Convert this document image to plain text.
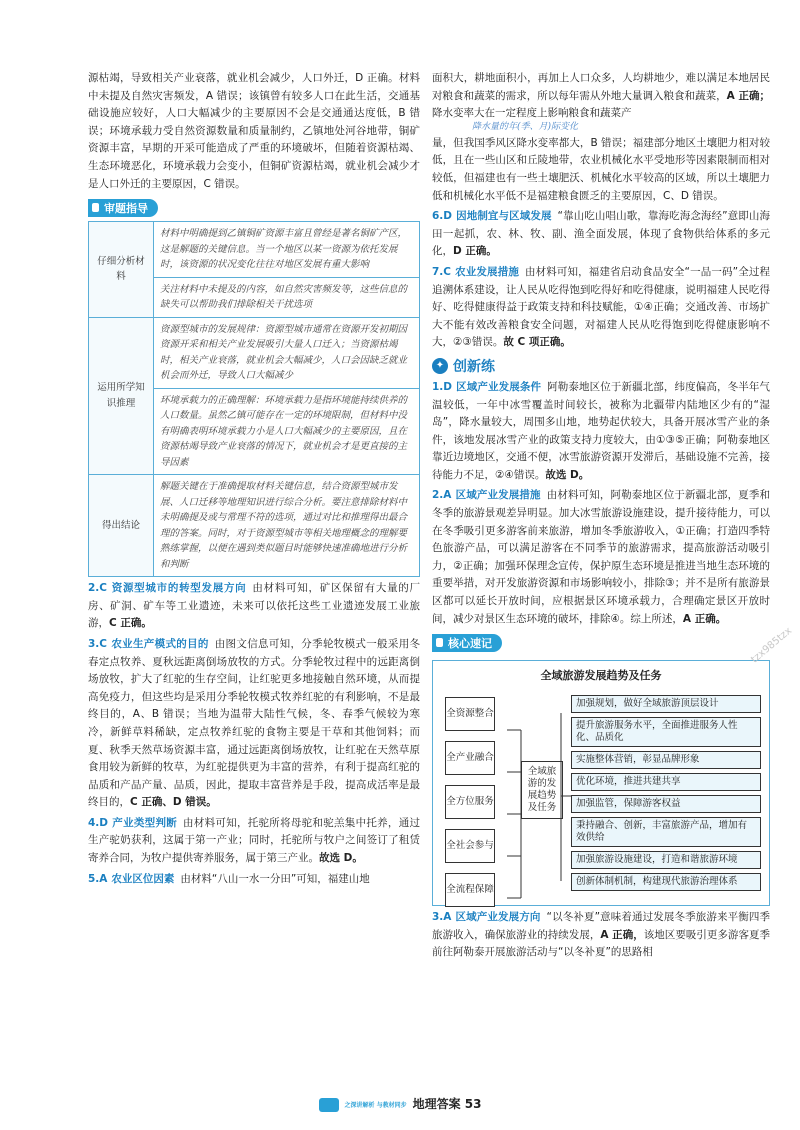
源枯竭，导致相关产业衰落，就业机会减少，人口外迁，D 正确。材料中未提及自然灾害频发，A 错误；该镇曾有较多人口在此生活，交通基础设施应较好，人口大幅减少的主要原因不会是交通通达度低，B 错误；环境承载力受自然资源数量和质量制约，乙镇地处河谷地带，铜矿资源丰富，早期的开采可能造成了严重的环境破坏，但随着资源枯竭、生态环境恶化，环境承载力会变小，但铜矿资源枯竭，就业机会减少才是人口外迁的主要原因，C 错误。

审题指导
仔细分析材料	材料中明确提到乙镇铜矿资源丰富且曾经是著名铜矿产区，这是解题的关键信息。当一个地区以某一资源为依托发展时，该资源的状况变化往往对地区发展有重大影响
	关注材料中未提及的内容，如自然灾害频发等，这些信息的缺失可以帮助我们排除相关干扰选项
运用所学知识推理	资源型城市的发展规律：资源型城市通常在资源开发初期因资源开采和相关产业发展吸引大量人口迁入；当资源枯竭时，相关产业衰落，就业机会大幅减少，人口会因缺乏就业机会而外迁，导致人口大幅减少
	环境承载力的正确理解：环境承载力是指环境能持续供养的人口数量。虽然乙镇可能存在一定的环境限制，但材料中没有明确表明环境承载力小是人口大幅减少的主要原因，且在资源枯竭导致产业衰落的情况下，就业机会才是更直接的主导因素
得出结论	解题关键在于准确提取材料关键信息，结合资源型城市发展、人口迁移等地理知识进行综合分析。要注意排除材料中未明确提及或与常理不符的选项，通过对比和推理得出最合理的答案。同时，对于资源型城市等相关地理概念的理解要熟练掌握，以便在遇到类似题目时能够快速准确地进行分析和判断

2.C 资源型城市的转型发展方向 由材料可知，矿区保留有大量的厂房、矿洞、矿车等工业遗迹，未来可以依托这些工业遗迹发展工业旅游，C 正确。

3.C 农业生产模式的目的 由图文信息可知，分季轮牧模式一般采用冬春定点牧养、夏秋远距离倒场放牧的方式。分季轮牧过程中的远距离倒场放牧，扩大了红驼的生存空间，让红驼更多地接触自然环境，从而提高免疫力，但这些均是采用分季轮牧模式牧养红驼的有利影响，不是最终目的，A、B 错误；当地为温带大陆性气候，冬、春季气候较为寒冷，新鲜草料稀缺，定点牧养红驼的食物主要是干草和其他饲料；而夏、秋季天然草场资源丰富，通过远距离倒场放牧，让红驼在天然草原食用较为新鲜的牧草，为红驼提供更为丰富的营养，有利于提高红驼的品质和产品产量、品质，因此，提取丰富营养是手段，提高成活率是最终目的，C 正确、D 错误。

4.D 产业类型判断 由材料可知，托驼所将母驼和驼羔集中托养，通过生产驼奶获利，这属于第一产业；同时，托驼所与牧户之间签订了租赁寄养合同，为牧户提供寄养服务，属于第三产业。故选 D。

5.A 农业区位因素 由材料“八山一水一分田”可知，福建山地

面积大，耕地面积小，再加上人口众多，人均耕地少，难以满足本地居民对粮食和蔬菜的需求，所以每年需从外地大量调入粮食和蔬菜，A 正确；降水变率大在一定程度上影响粮食和蔬菜产

降水量的年(季、月)际变化

量，但我国季风区降水变率都大，B 错误；福建部分地区土壤肥力相对较低，且在一些山区和丘陵地带，农业机械化水平受地形等因素限制而相对较低，但福建也有一些土壤肥沃、机械化水平较高的区域，所以土壤肥力低和机械化水平低不是福建粮食匮乏的主要原因，C、D 错误。

6.D 因地制宜与区域发展 “靠山吃山唱山歌，靠海吃海念海经”意即山海田一起抓，农、林、牧、副、渔全面发展，体现了食物供给体系的多元化，D 正确。

7.C 农业发展措施 由材料可知，福建省启动食品安全“一品一码”全过程追溯体系建设，让人民从吃得饱到吃得好和吃得健康，说明福建人民吃得好、吃得健康得益于政策支持和科技赋能，①④正确；交通改善、市场扩大不能有效改善粮食安全问题，对福建人民从吃得饱到吃得健康影响不大，②③错误。故 C 项正确。

✦ 创新练

1.D 区域产业发展条件 阿勒泰地区位于新疆北部，纬度偏高，冬半年气温较低，一年中冰雪覆盖时间较长，被称为北疆带内陆地区少有的“湿岛”，降水量较大，周围多山地，地势起伏较大，具备开展冰雪产业的条件，该地发展冰雪产业的政策支持力度较大，由①③⑤正确；阿勒泰地区靠近边境地区，交通不便，冰雪旅游资源开发滞后，基础设施不完善，接待能力不足，②④错误。故选 D。

2.A 区域产业发展措施 由材料可知，阿勒泰地区位于新疆北部，夏季和冬季的旅游景观差异明显。加大冰雪旅游设施建设，提升接待能力，可以在冬季吸引更多游客前来旅游，增加冬季旅游收入，①正确；打造四季特色旅游产品，可以满足游客在不同季节的旅游需求，提高旅游活动吸引力，②正确；加强环保理念宣传，保护原生态环境是推进当地生态环境的重要举措，对开发旅游资源和市场影响较小，排除③；并不是所有旅游景区都可以延长开放时间，应根据景区环境承载力，合理确定景区开放时间，减少对景区生态环境的破坏，排除④。综上所述，A 正确。

核心速记
全域旅游发展趋势及任务
全资源整合
全产业融合
全方位服务
全社会参与
全流程保障
全域旅游的发展趋势及任务
加强规划，做好全域旅游顶层设计
提升旅游服务水平，全面推进服务人性化、品质化
实施整体营销，彰显品牌形象
优化环境，推进共建共享
加强监管，保障游客权益
秉持融合、创新，丰富旅游产品，增加有效供给
加强旅游设施建设，打造和谐旅游环境
创新体制机制，构建现代旅游治理体系

3.A 区域产业发展方向 “以冬补夏”意味着通过发展冬季旅游来平衡四季旅游收入，确保旅游业的持续发展，A 正确，该地区要吸引更多游客夏季前往阿勒泰开展旅游活动与“以冬补夏”的思路相

tzx985tzx
之深讲解析 与教材同步 地理答案 53
